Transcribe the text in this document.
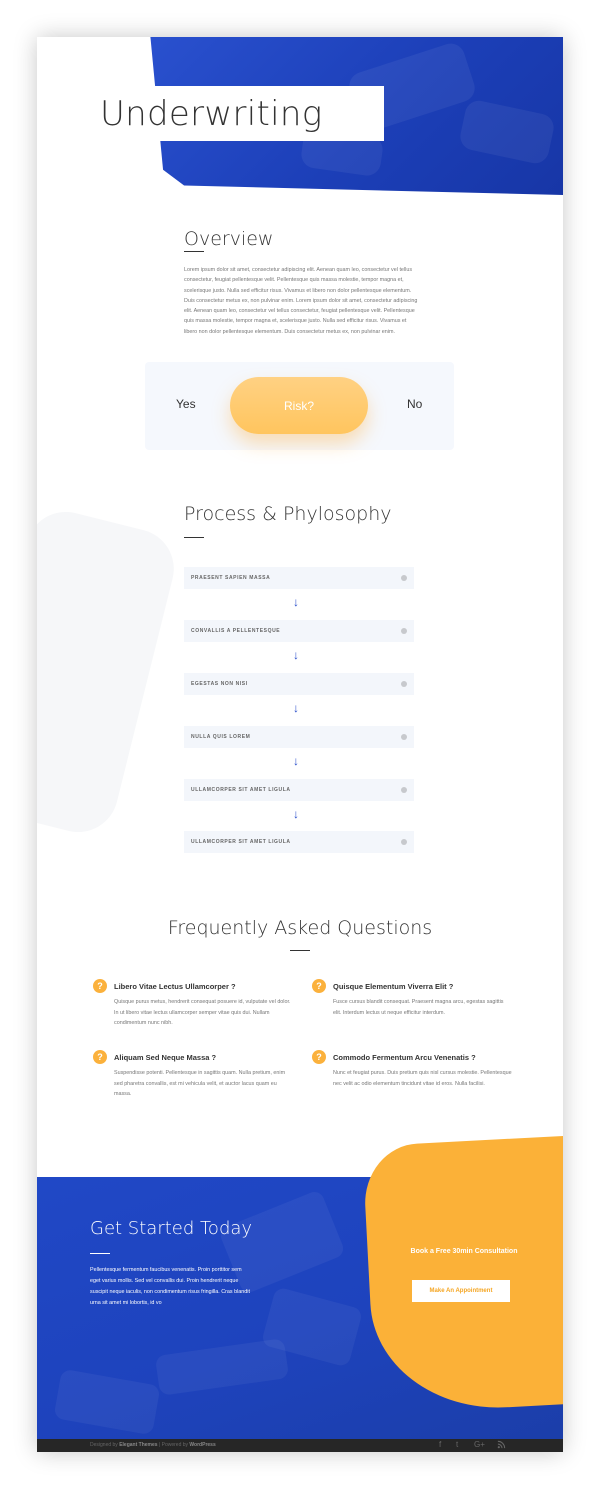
Underwriting
Overview
Lorem ipsum dolor sit amet, consectetur adipiscing elit. Aenean quam leo, consectetur vel tellus consectetur, feugiat pellentesque velit. Pellentesque quis massa molestie, tempor magna et, scelerisque justo. Nulla sed efficitur risus. Vivamus et libero non dolor pellentesque elementum. Duis consectetur metus ex, non pulvinar enim. Lorem ipsum dolor sit amet, consectetur adipiscing elit. Aenean quam leo, consectetur vel tellus consectetur, feugiat pellentesque velit. Pellentesque quis massa molestie, tempor magna et, scelerisque justo. Nulla sed efficitur risus. Vivamus et libero non dolor pellentesque elementum. Duis consectetur metus ex, non pulvinar enim.
Yes	Risk?	No
Process & Phylosophy
PRAESENT SAPIEN MASSA
↓
CONVALLIS A PELLENTESQUE
↓
EGESTAS NON NISI
↓
NULLA QUIS LOREM
↓
ULLAMCORPER SIT AMET LIGULA
↓
ULLAMCORPER SIT AMET LIGULA
Frequently Asked Questions
?	Libero Vitae Lectus Ullamcorper ?
Quisque purus metus, hendrerit consequat posuere id, vulputate vel dolor. In ut libero vitae lectus ullamcorper semper vitae quis dui. Nullam condimentum nunc nibh.
?	Quisque Elementum Viverra Elit ?
Fusce cursus blandit consequat. Praesent magna arcu, egestas sagittis elit. Interdum lectus ut neque efficitur interdum.
?	Aliquam Sed Neque Massa ?
Suspendisse potenti. Pellentesque in sagittis quam. Nulla pretium, enim sed pharetra convallis, est mi vehicula velit, et auctor lacus quam eu massa.
?	Commodo Fermentum Arcu Venenatis ?
Nunc et feugiat purus. Duis pretium quis nisl cursus molestie. Pellentesque nec velit ac odio elementum tincidunt vitae id eros. Nulla facilisi.
Get Started Today
Pellentesque fermentum faucibus venenatis. Proin porttitor sem eget varius mollis. Sed vel convallis dui. Proin hendrerit neque suscipit neque iaculis, non condimentum risus fringilla. Cras blandit urna sit amet mi lobortis, id vo
Book a Free 30min Consultation
Make An Appointment
Designed by Elegant Themes | Powered by WordPress	f t G+
